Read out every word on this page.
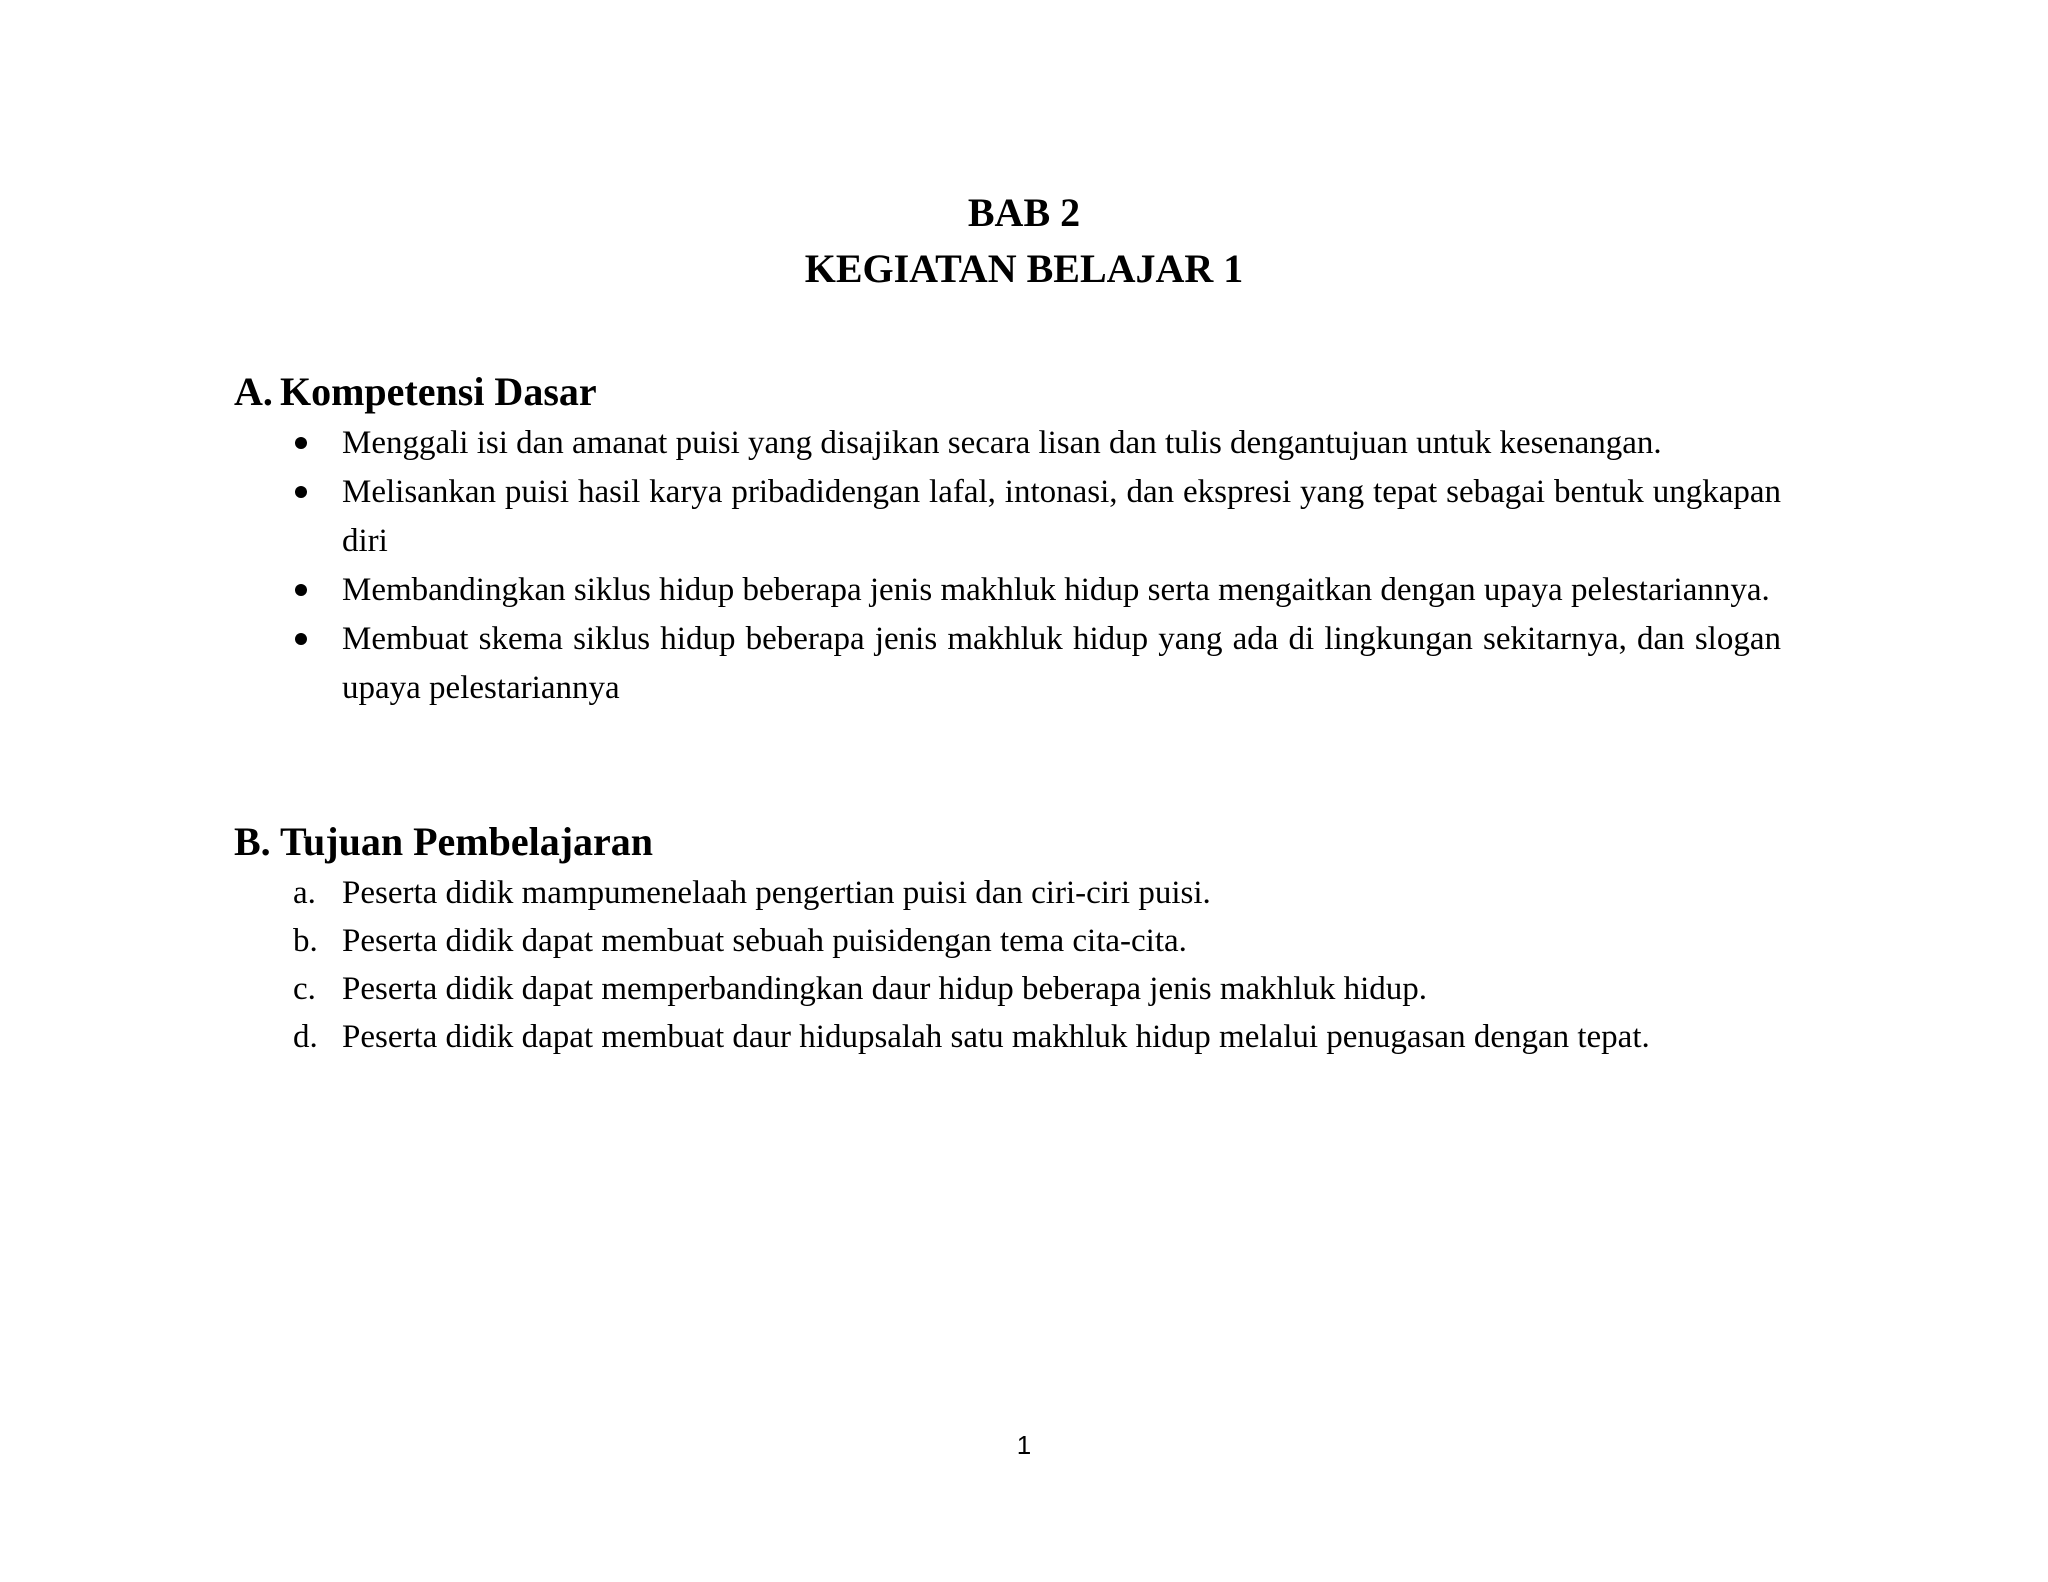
BAB 2
KEGIATAN BELAJAR 1
A. Kompetensi Dasar
Menggali isi dan amanat puisi yang disajikan secara lisan dan tulis dengantujuan untuk kesenangan.
Melisankan puisi hasil karya pribadidengan lafal, intonasi, dan ekspresi yang tepat sebagai bentuk ungkapan diri
Membandingkan siklus hidup beberapa jenis makhluk hidup serta mengaitkan dengan upaya pelestariannya.
Membuat skema siklus hidup beberapa jenis makhluk hidup yang ada di lingkungan sekitarnya, dan slogan upaya pelestariannya
B. Tujuan Pembelajaran
a. Peserta didik mampumenelaah pengertian puisi dan ciri-ciri puisi.
b. Peserta didik dapat membuat sebuah puisidengan tema cita-cita.
c. Peserta didik dapat memperbandingkan daur hidup beberapa jenis makhluk hidup.
d. Peserta didik dapat membuat daur hidupsalah satu makhluk hidup melalui penugasan dengan tepat.
1
